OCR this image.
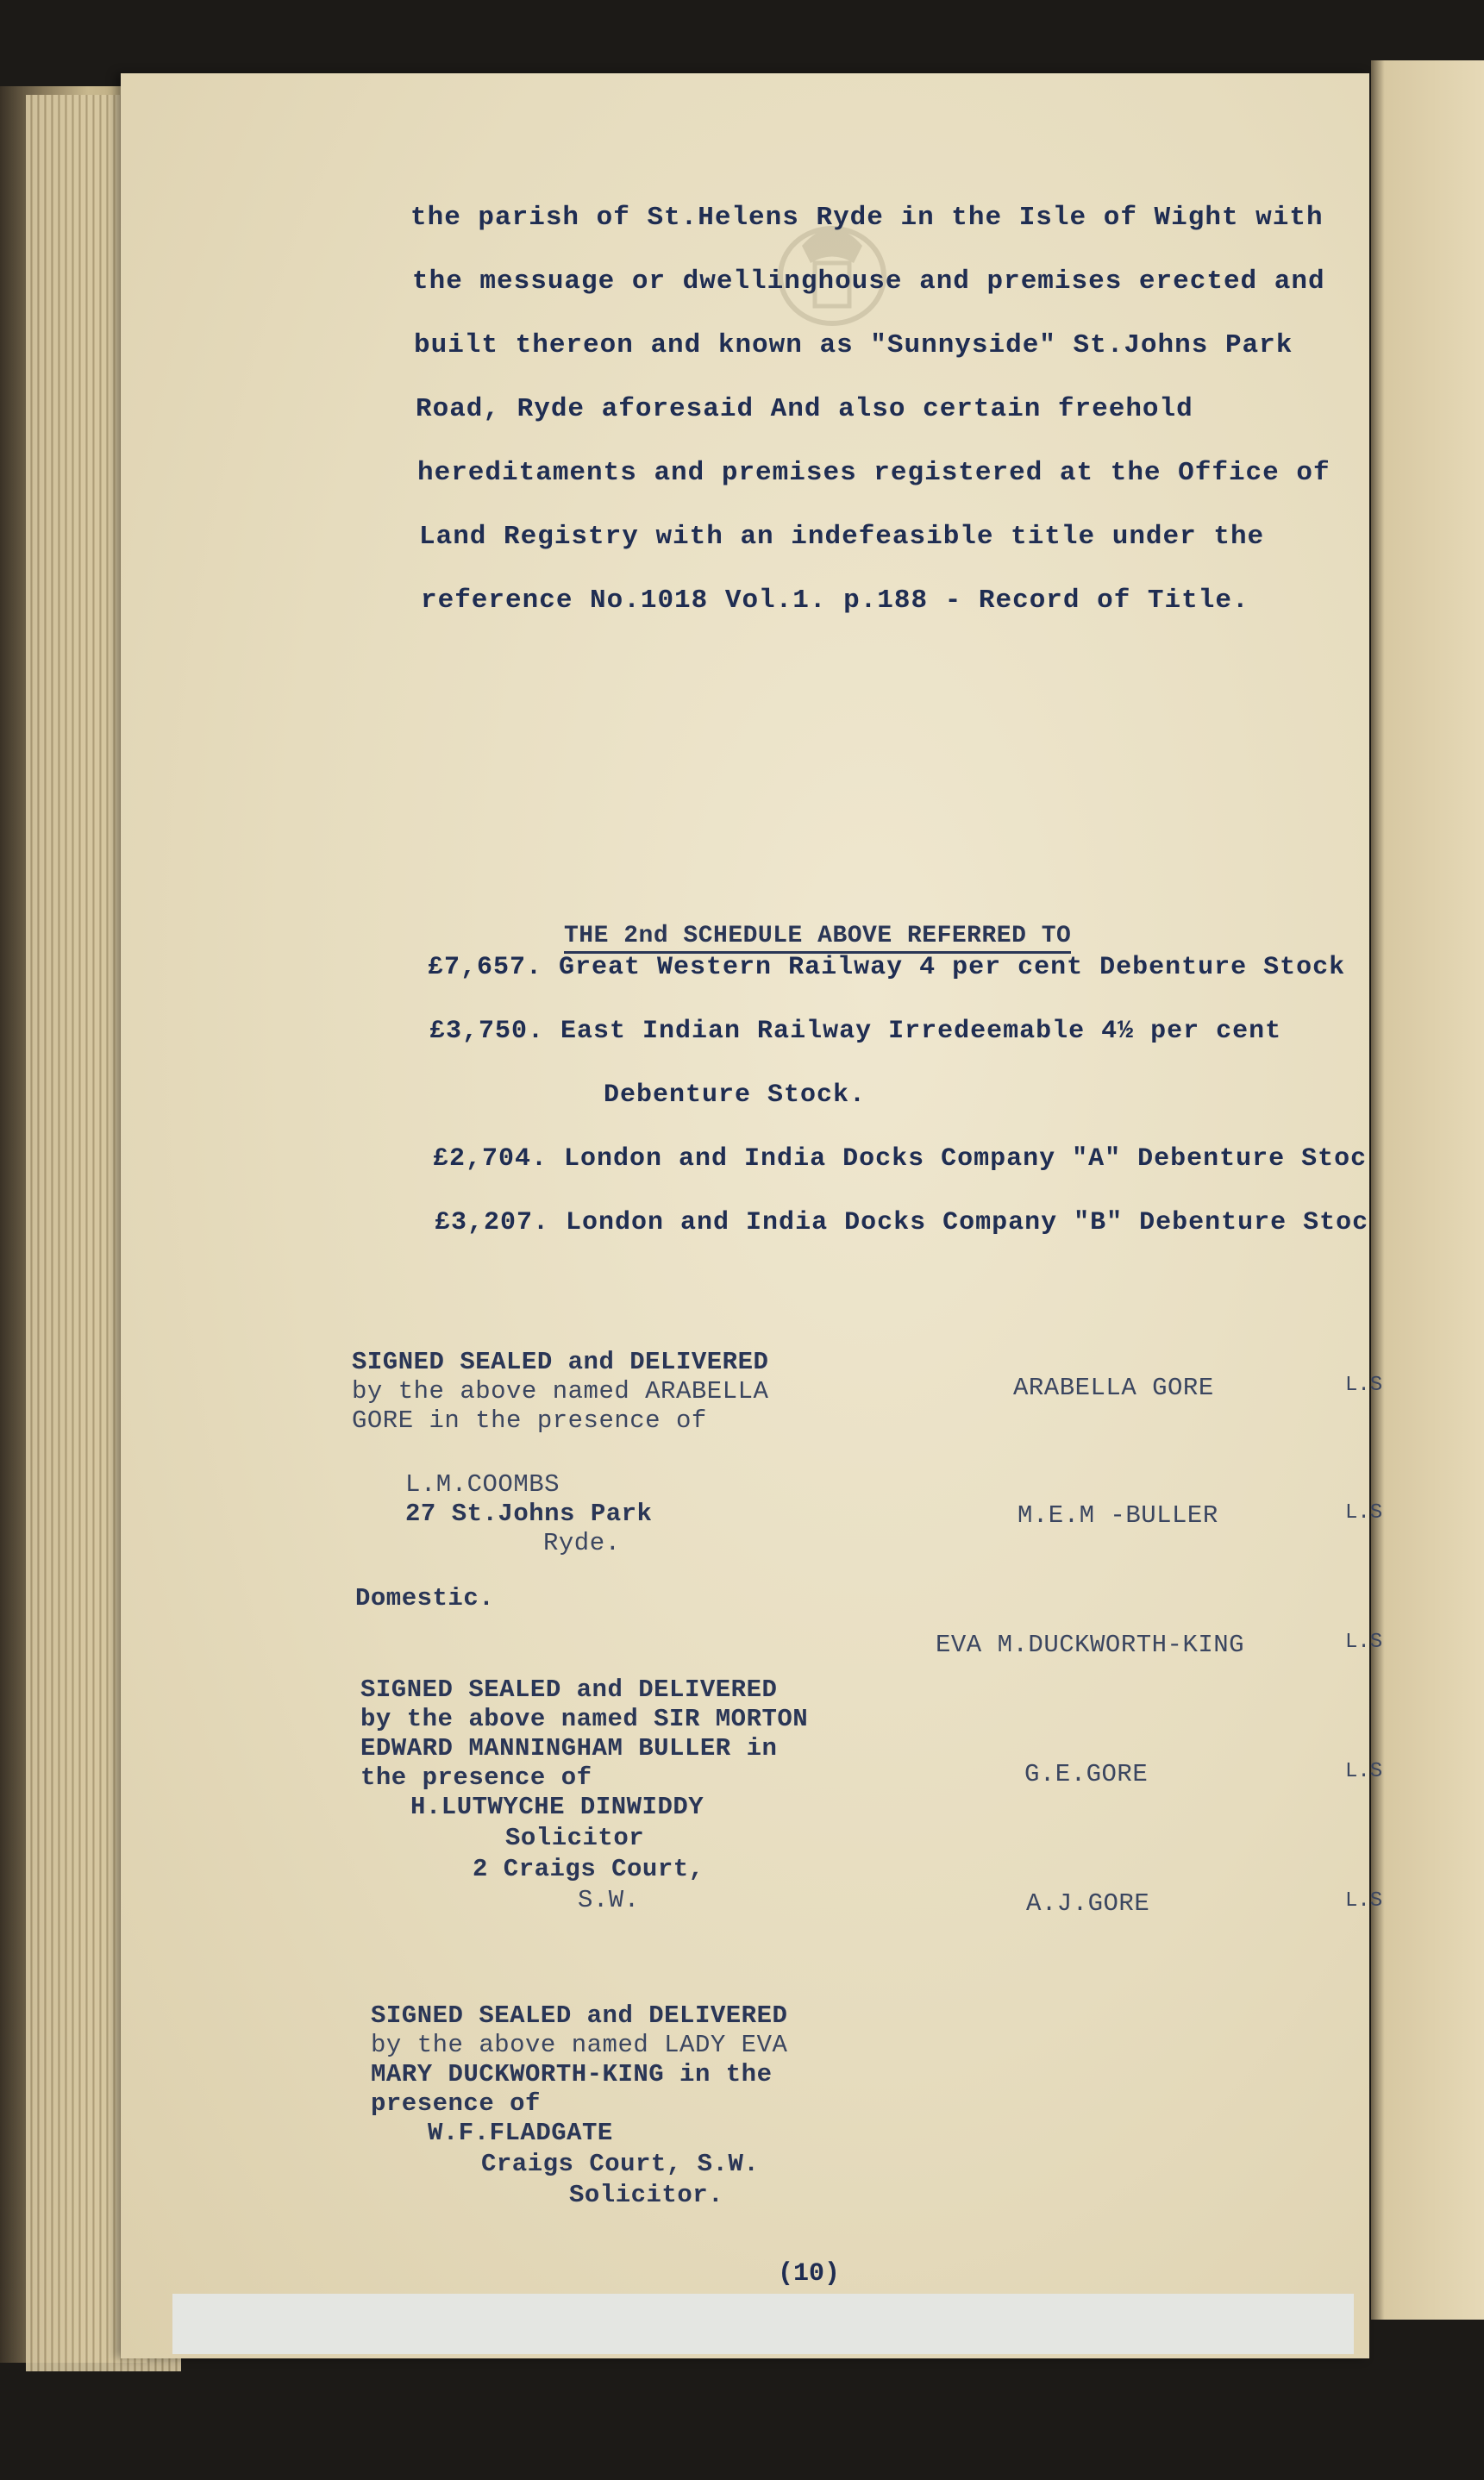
the parish of St.Helens Ryde in the Isle of Wight with
the messuage or dwellinghouse and premises erected and
built thereon and known as "Sunnyside" St.Johns Park
Road, Ryde aforesaid And also certain freehold
hereditaments and premises registered at the Office of
Land Registry with an indefeasible title under the
reference No.1018 Vol.1. p.188 - Record of Title.
THE 2nd SCHEDULE ABOVE REFERRED TO
£7,657. Great Western Railway 4 per cent Debenture Stock
£3,750. East Indian Railway Irredeemable 4½ per cent
Debenture Stock.
£2,704. London and India Docks Company "A" Debenture Stoc
£3,207. London and India Docks Company "B" Debenture Stoc
SIGNED SEALED and DELIVERED
by the above named ARABELLA
GORE in the presence of
L.M.COOMBS
27 St.Johns Park
Ryde.
Domestic.
SIGNED SEALED and DELIVERED
by the above named SIR MORTON
EDWARD MANNINGHAM BULLER in
the presence of
H.LUTWYCHE DINWIDDY
Solicitor
2 Craigs Court,
S.W.
SIGNED SEALED and DELIVERED
by the above named LADY EVA
MARY DUCKWORTH-KING in the
presence of
W.F.FLADGATE
Craigs Court, S.W.
Solicitor.
ARABELLA GORE
M.E.M -BULLER
EVA M.DUCKWORTH-KING
G.E.GORE
A.J.GORE
L.S
L.S
L.S
L.S
L.S
(10)
